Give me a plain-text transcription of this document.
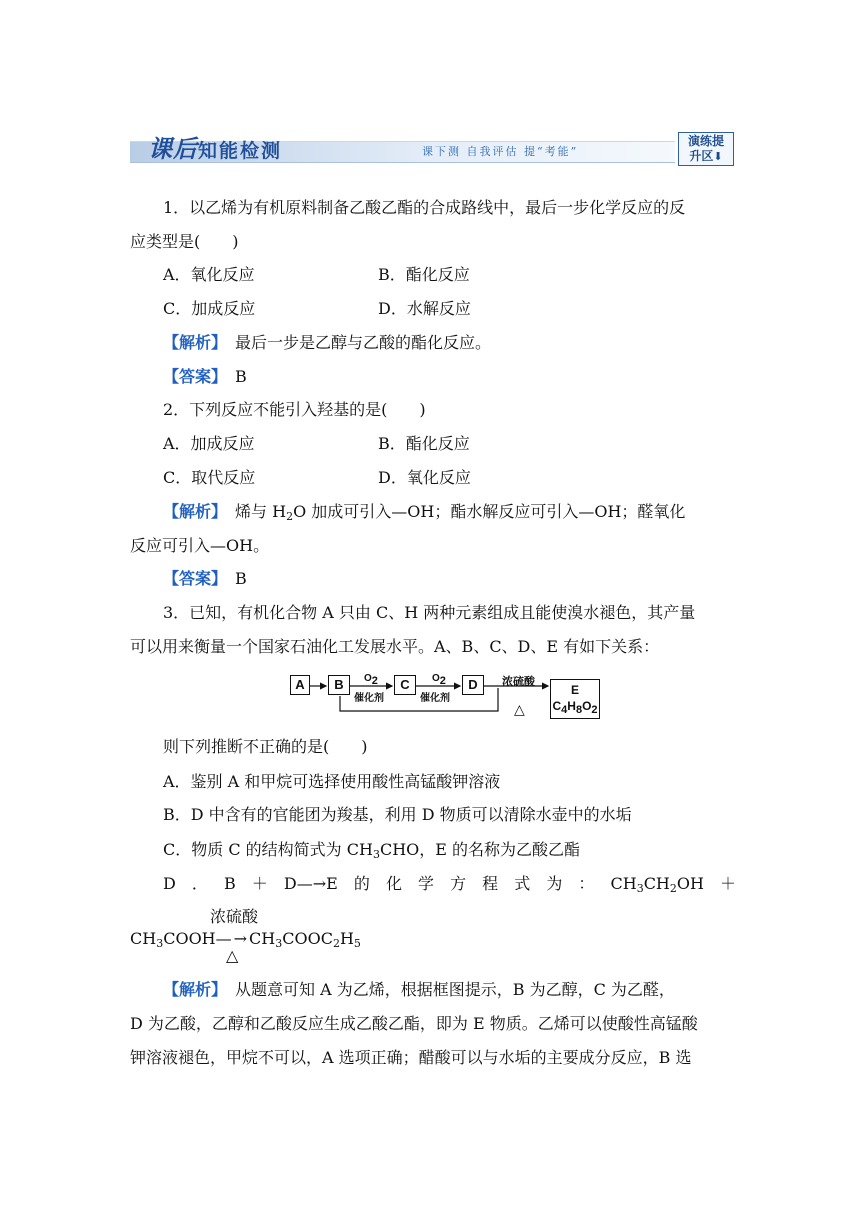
课后知能检测	课下测 自我评估 提“考能”
演练提
升区⬇
1．以乙烯为有机原料制备乙酸乙酯的合成路线中，最后一步化学反应的反
应类型是(　　)
A．氧化反应	B．酯化反应
C．加成反应	D．水解反应
【解析】　 最后一步是乙醇与乙酸的酯化反应。
【答案】　 B
2．下列反应不能引入羟基的是(　　)
A．加成反应	B．酯化反应
C．取代反应	D．氧化反应
【解析】　 烯与 $H_2O$ 加成可引入—OH；酯水解反应可引入—OH；醛氧化
反应可引入—OH。
【答案】　 B
3．已知，有机化合物 A 只由 C、H 两种元素组成且能使溴水褪色，其产量
可以用来衡量一个国家石油化工发展水平。A、B、C、D、E 有如下关系：
A	B	C	D	E
$C_4H_8O_2$
$O_2$
催化剂
$O_2$
催化剂
浓硫酸
△
则下列推断不正确的是(　　)
A．鉴别 A 和甲烷可选择使用酸性高锰酸钾溶液
B．D 中含有的官能团为羧基，利用 D 物质可以清除水壶中的水垢
C．物质 C 的结构简式为 $CH_3CHO$，E 的名称为乙酸乙酯
D ． B ＋ D—→E 的 化 学 方 程 式 为 ： $CH_3CH_2OH$　＋
浓硫酸
$CH_3COOH—\to CH_3COOC_2H_5$
△
【解析】　 从题意可知 A 为乙烯，根据框图提示，B 为乙醇，C 为乙醛，
D 为乙酸，乙醇和乙酸反应生成乙酸乙酯，即为 E 物质。乙烯可以使酸性高锰酸
钾溶液褪色，甲烷不可以，A 选项正确；醋酸可以与水垢的主要成分反应，B 选
